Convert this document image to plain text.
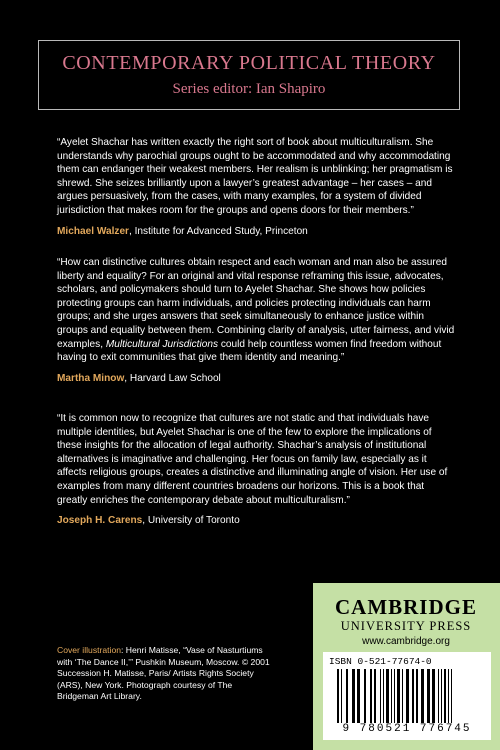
CONTEMPORARY POLITICAL THEORY
Series editor: Ian Shapiro

“Ayelet Shachar has written exactly the right sort of book about multiculturalism. She understands why parochial groups ought to be accommodated and why accommodating them can endanger their weakest members. Her realism is unblinking; her pragmatism is shrewd. She seizes brilliantly upon a lawyer’s greatest advantage – her cases – and argues persuasively, from the cases, with many examples, for a system of divided jurisdiction that makes room for the groups and opens doors for their members.”

Michael Walzer, Institute for Advanced Study, Princeton

“How can distinctive cultures obtain respect and each woman and man also be assured liberty and equality? For an original and vital response reframing this issue, advocates, scholars, and policymakers should turn to Ayelet Shachar. She shows how policies protecting groups can harm individuals, and policies protecting individuals can harm groups; and she urges answers that seek simultaneously to enhance justice within groups and equality between them. Combining clarity of analysis, utter fairness, and vivid examples, Multicultural Jurisdictions could help countless women find freedom without having to exit communities that give them identity and meaning.”

Martha Minow, Harvard Law School

“It is common now to recognize that cultures are not static and that individuals have multiple identities, but Ayelet Shachar is one of the few to explore the implications of these insights for the allocation of legal authority. Shachar’s analysis of institutional alternatives is imaginative and challenging. Her focus on family law, especially as it affects religious groups, creates a distinctive and illuminating angle of vision. Her use of examples from many different countries broadens our horizons. This is a book that greatly enriches the contemporary debate about multiculturalism.”

Joseph H. Carens, University of Toronto
Cover illustration: Henri Matisse, “Vase of Nasturtiums with ‘The Dance II,’” Pushkin Museum, Moscow. © 2001 Succession H. Matisse, Paris/ Artists Rights Society (ARS), New York. Photograph courtesy of The Bridgeman Art Library.
CAMBRIDGE
UNIVERSITY PRESS
www.cambridge.org
ISBN 0-521-77674-0
9 780521 776745
